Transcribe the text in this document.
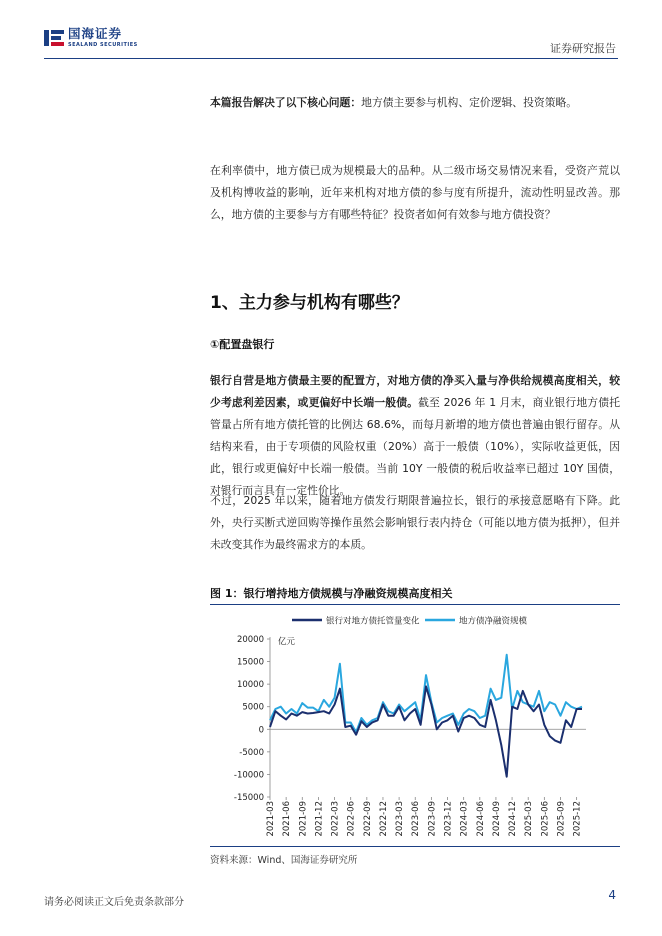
国海证券
SEALAND SECURITIES	证券研究报告

本篇报告解决了以下核心问题：地方债主要参与机构、定价逻辑、投资策略。

在利率债中，地方债已成为规模最大的品种。从二级市场交易情况来看，受资产荒以及机构博收益的影响，近年来机构对地方债的参与度有所提升，流动性明显改善。那么，地方债的主要参与方有哪些特征？投资者如何有效参与地方债投资？

1、主力参与机构有哪些？
①配置盘银行

银行自营是地方债最主要的配置方，对地方债的净买入量与净供给规模高度相关，较少考虑利差因素，或更偏好中长端一般债。截至 2026 年 1 月末，商业银行地方债托管量占所有地方债托管的比例达 68.6%，而每月新增的地方债也普遍由银行留存。从结构来看，由于专项债的风险权重（20%）高于一般债（10%），实际收益更低，因此，银行或更偏好中长端一般债。当前 10Y 一般债的税后收益率已超过 10Y 国债，对银行而言具有一定性价比。

不过，2025 年以来，随着地方债发行期限普遍拉长，银行的承接意愿略有下降。此外，央行买断式逆回购等操作虽然会影响银行表内持仓（可能以地方债为抵押），但并未改变其作为最终需求方的本质。

图 1：银行增持地方债规模与净融资规模高度相关
银行对地方债托管量变化	地方债净融资规模
亿元
-15000
-10000
-5000
0
5000
10000
15000
20000
2021-03 2021-06 2021-09 2021-12 2022-03 2022-06 2022-09 2022-12 2023-03 2023-06 2023-09 2023-12 2024-03 2024-06 2024-09 2024-12 2025-03 2025-06 2025-09 2025-12
资料来源：Wind、国海证券研究所
请务必阅读正文后免责条款部分
4
